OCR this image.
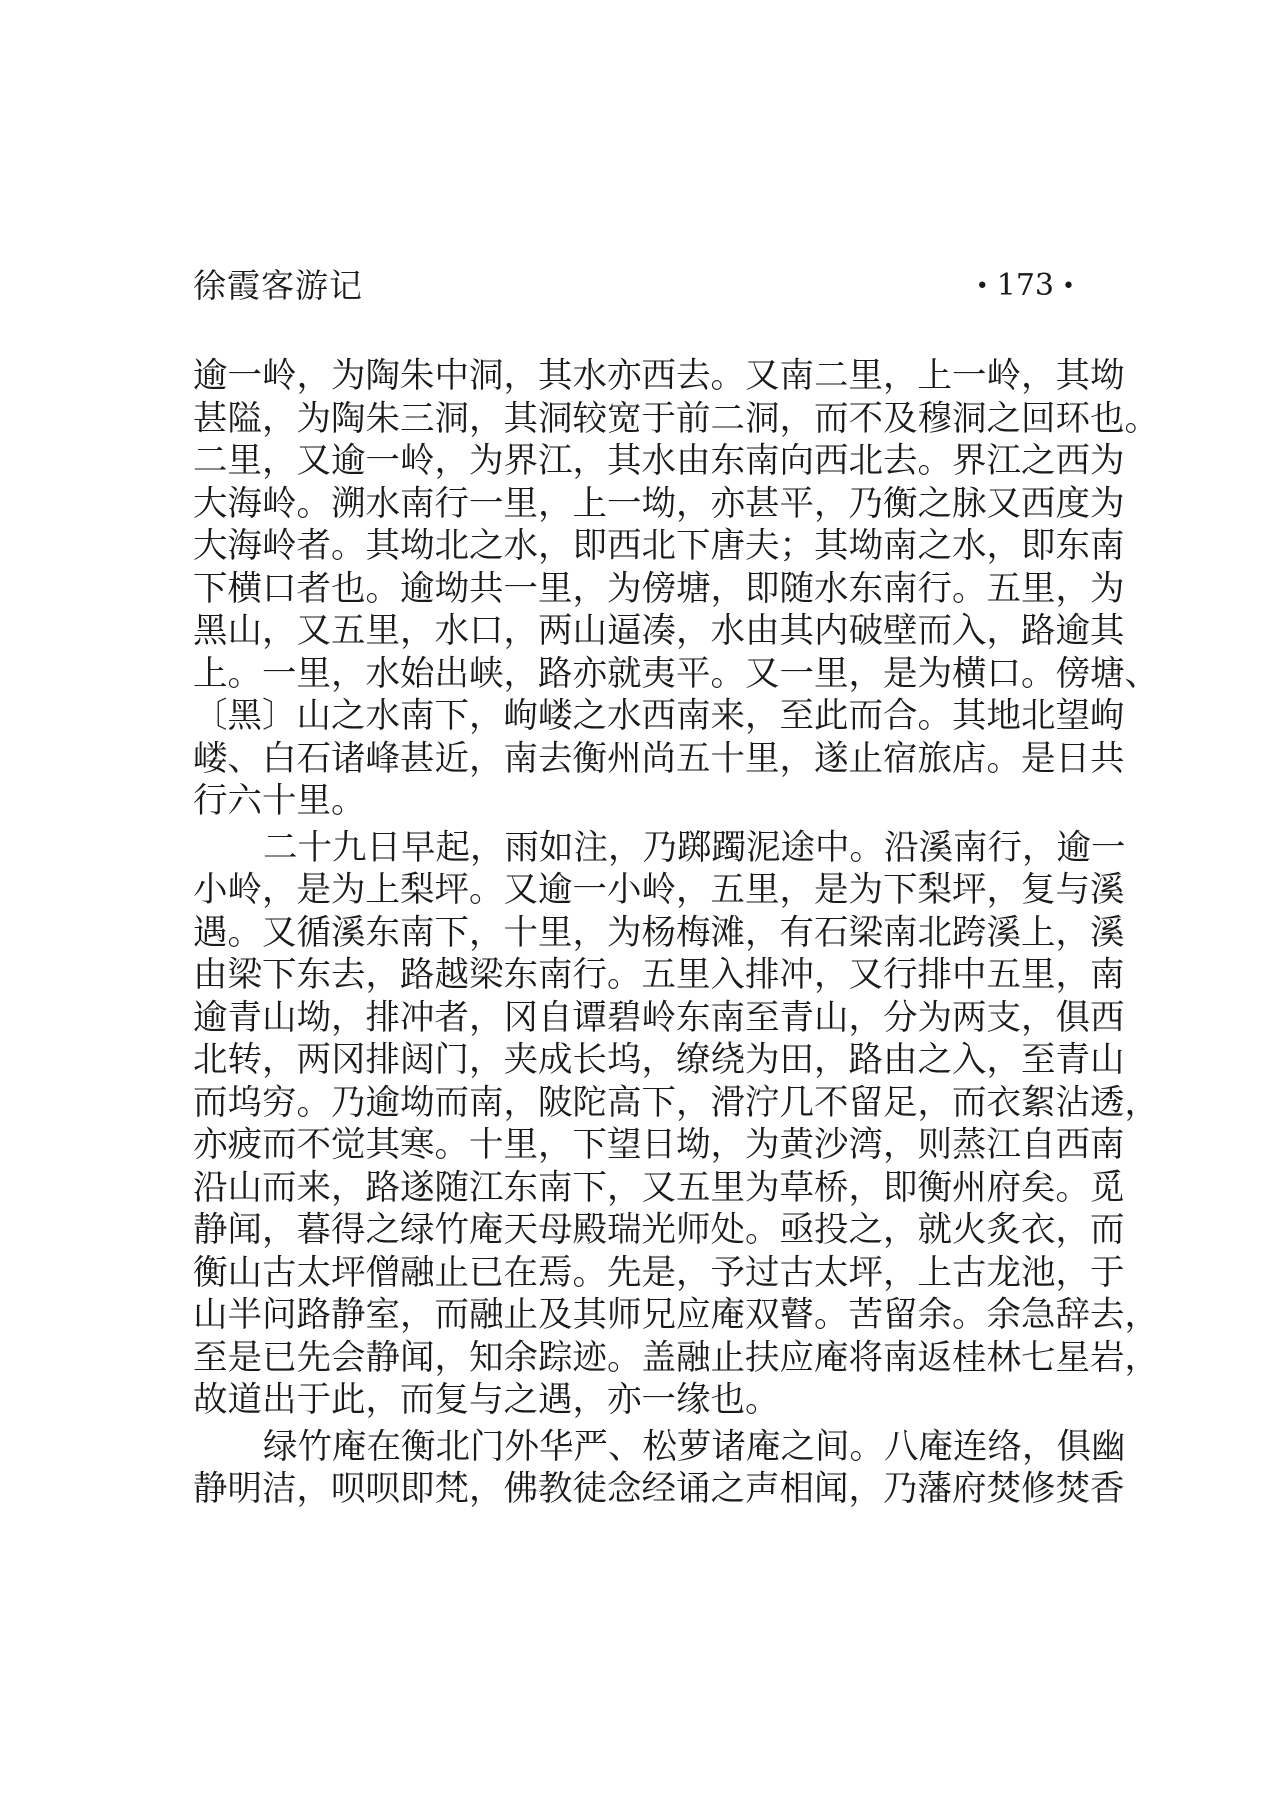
徐霞客游记	• 173 •
逾一岭，为陶朱中洞，其水亦西去。又南二里，上一岭，其坳
甚隘，为陶朱三洞，其洞较宽于前二洞，而不及穆洞之回环也。
二里，又逾一岭，为界江，其水由东南向西北去。界江之西为
大海岭。溯水南行一里，上一坳，亦甚平，乃衡之脉又西度为
大海岭者。其坳北之水，即西北下唐夫；其坳南之水，即东南
下横口者也。逾坳共一里，为傍塘，即随水东南行。五里，为
黑山，又五里，水口，两山逼凑，水由其内破壁而入，路逾其
上。一里，水始出峡，路亦就夷平。又一里，是为横口。傍塘、
〔黑〕山之水南下，岣嵝之水西南来，至此而合。其地北望岣
嵝、白石诸峰甚近，南去衡州尚五十里，遂止宿旅店。是日共
行六十里。
二十九日早起，雨如注，乃踯躅泥途中。沿溪南行，逾一
小岭，是为上梨坪。又逾一小岭，五里，是为下梨坪，复与溪
遇。又循溪东南下，十里，为杨梅滩，有石梁南北跨溪上，溪
由梁下东去，路越梁东南行。五里入排冲，又行排中五里，南
逾青山坳，排冲者，冈自谭碧岭东南至青山，分为两支，俱西
北转，两冈排闼门，夹成长坞，缭绕为田，路由之入，至青山
而坞穷。乃逾坳而南，陂陀高下，滑泞几不留足，而衣絮沾透，
亦疲而不觉其寒。十里，下望日坳，为黄沙湾，则蒸江自西南
沿山而来，路遂随江东南下，又五里为草桥，即衡州府矣。觅
静闻，暮得之绿竹庵天母殿瑞光师处。亟投之，就火炙衣，而
衡山古太坪僧融止已在焉。先是，予过古太坪，上古龙池，于
山半问路静室，而融止及其师兄应庵双瞽。苦留余。余急辞去，
至是已先会静闻，知余踪迹。盖融止扶应庵将南返桂林七星岩，
故道出于此，而复与之遇，亦一缘也。
绿竹庵在衡北门外华严、松萝诸庵之间。八庵连络，俱幽
静明洁，呗呗即梵，佛教徒念经诵之声相闻，乃藩府焚修焚香
